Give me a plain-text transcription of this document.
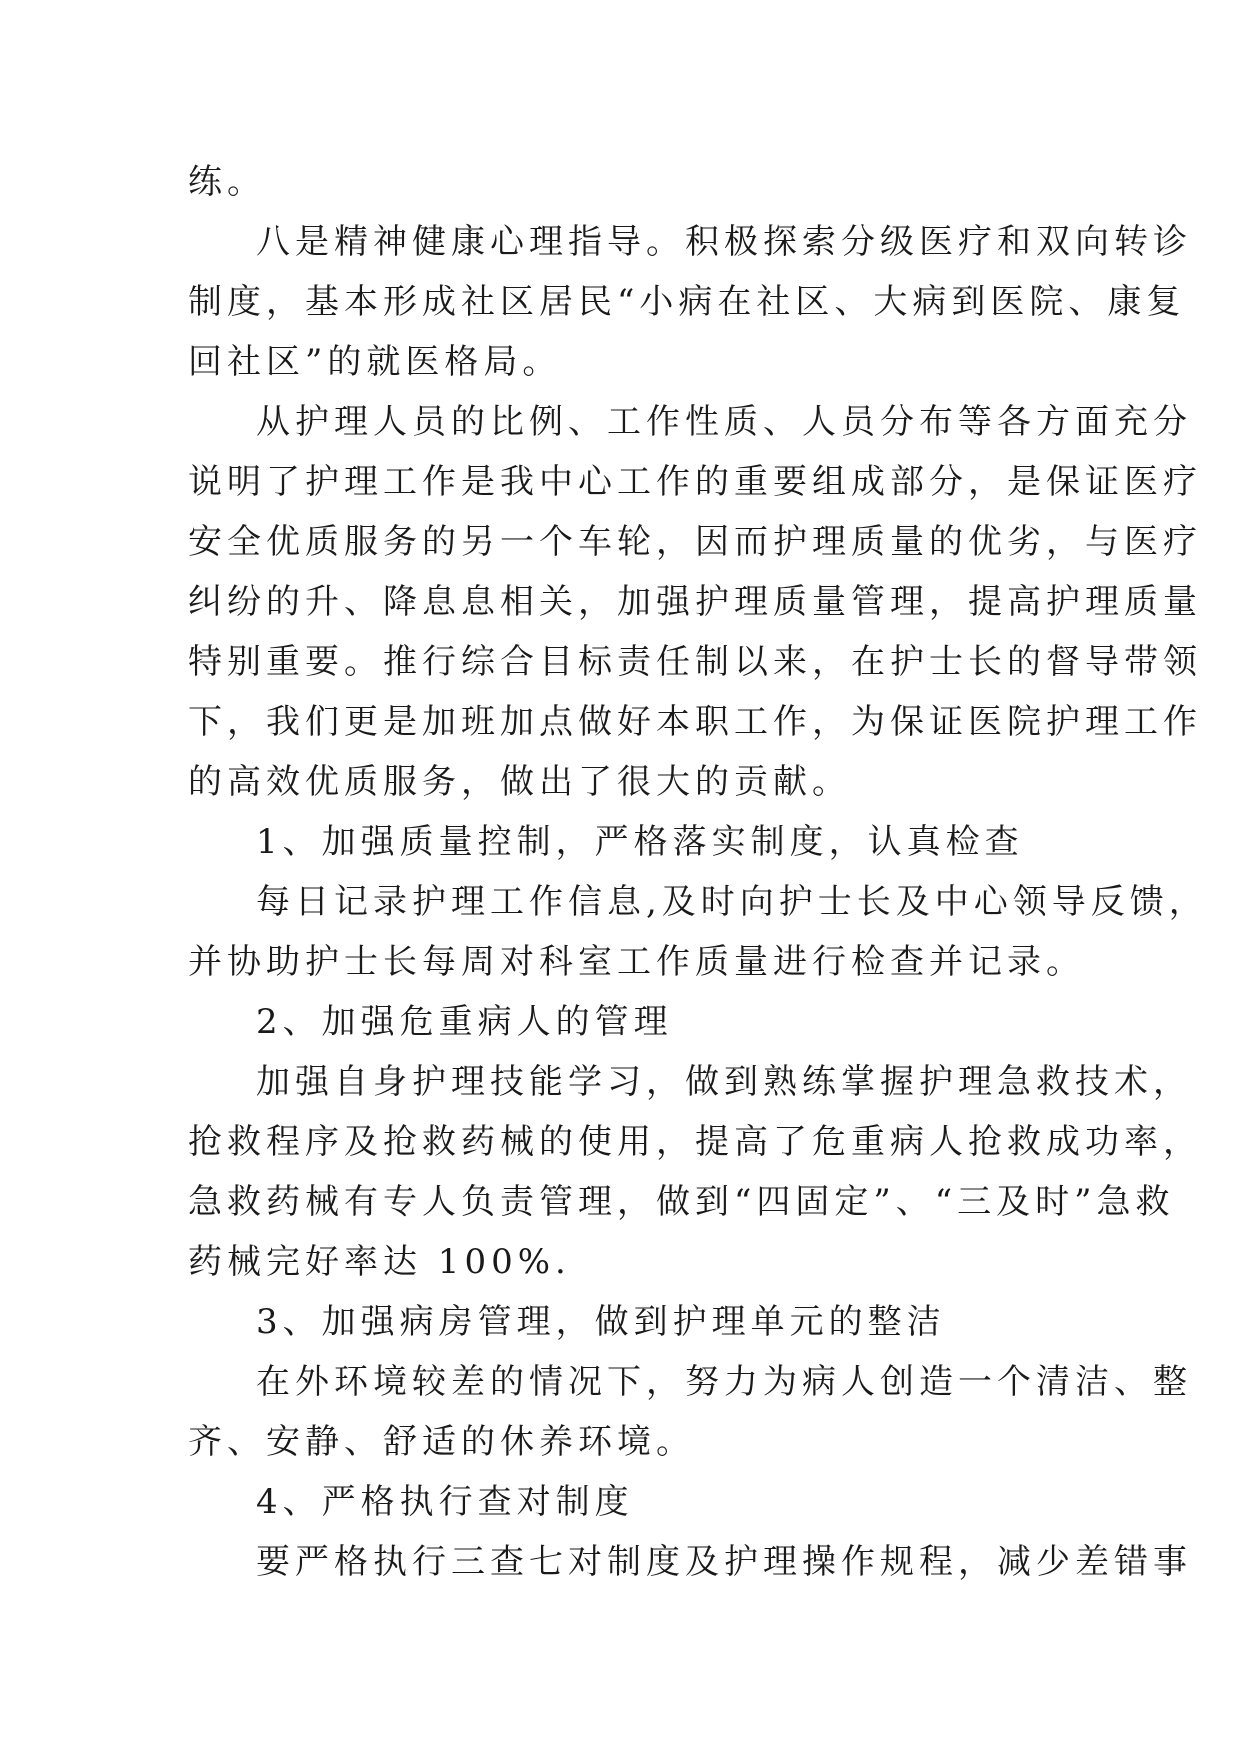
练。
八是精神健康心理指导。积极探索分级医疗和双向转诊
制度，基本形成社区居民“小病在社区、大病到医院、康复
回社区”的就医格局。
从护理人员的比例、工作性质、人员分布等各方面充分
说明了护理工作是我中心工作的重要组成部分，是保证医疗
安全优质服务的另一个车轮，因而护理质量的优劣，与医疗
纠纷的升、降息息相关，加强护理质量管理，提高护理质量
特别重要。推行综合目标责任制以来，在护士长的督导带领
下，我们更是加班加点做好本职工作，为保证医院护理工作
的高效优质服务，做出了很大的贡献。
1、加强质量控制，严格落实制度，认真检查
每日记录护理工作信息,及时向护士长及中心领导反馈，
并协助护士长每周对科室工作质量进行检查并记录。
2、加强危重病人的管理
加强自身护理技能学习，做到熟练掌握护理急救技术，
抢救程序及抢救药械的使用，提高了危重病人抢救成功率，
急救药械有专人负责管理，做到“四固定”、“三及时”急救
药械完好率达 100%.
3、加强病房管理，做到护理单元的整洁
在外环境较差的情况下，努力为病人创造一个清洁、整
齐、安静、舒适的休养环境。
4、严格执行查对制度
要严格执行三查七对制度及护理操作规程，减少差错事
